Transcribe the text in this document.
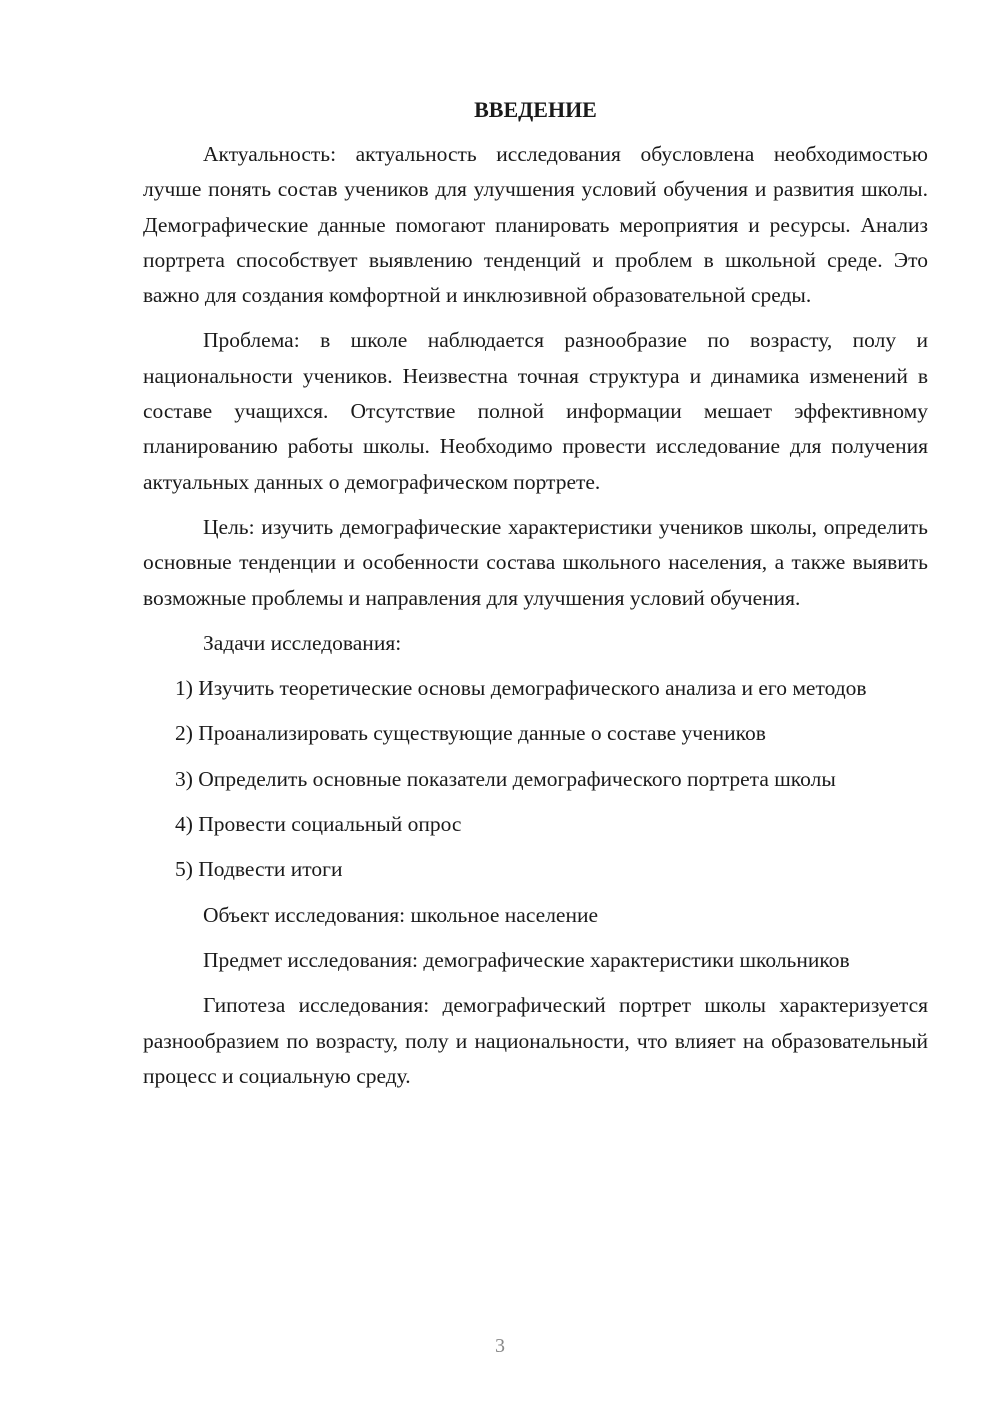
ВВЕДЕНИЕ

Актуальность: актуальность исследования обусловлена необходимостью лучше понять состав учеников для улучшения условий обучения и развития школы. Демографические данные помогают планировать мероприятия и ресурсы. Анализ портрета способствует выявлению тенденций и проблем в школьной среде. Это важно для создания комфортной и инклюзивной образовательной среды.

Проблема: в школе наблюдается разнообразие по возрасту, полу и национальности учеников. Неизвестна точная структура и динамика изменений в составе учащихся. Отсутствие полной информации мешает эффективному планированию работы школы. Необходимо провести исследование для получения актуальных данных о демографическом портрете.

Цель: изучить демографические характеристики учеников школы, определить основные тенденции и особенности состава школьного населения, а также выявить возможные проблемы и направления для улучшения условий обучения.

Задачи исследования:

1) Изучить теоретические основы демографического анализа и его методов

2) Проанализировать существующие данные о составе учеников

3) Определить основные показатели демографического портрета школы

4) Провести социальный опрос

5) Подвести итоги

Объект исследования: школьное население

Предмет исследования: демографические характеристики школьников

Гипотеза исследования: демографический портрет школы характеризуется разнообразием по возрасту, полу и национальности, что влияет на образовательный процесс и социальную среду.

3
